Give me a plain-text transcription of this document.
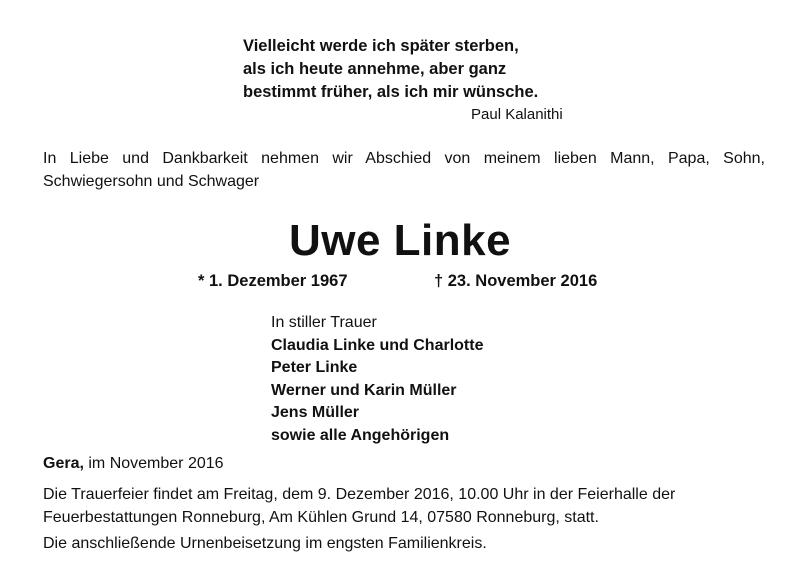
Vielleicht werde ich später sterben,
als ich heute annehme, aber ganz
bestimmt früher, als ich mir wünsche.
Paul Kalanithi
In Liebe und Dankbarkeit nehmen wir Abschied von meinem lieben Mann, Papa, Sohn,
Schwiegersohn und Schwager
Uwe Linke
* 1. Dezember 1967	† 23. November 2016
In stiller Trauer
Claudia Linke und Charlotte
Peter Linke
Werner und Karin Müller
Jens Müller
sowie alle Angehörigen
Gera, im November 2016
Die Trauerfeier findet am Freitag, dem 9. Dezember 2016, 10.00 Uhr in der Feierhalle der
Feuerbestattungen Ronneburg, Am Kühlen Grund 14, 07580 Ronneburg, statt.
Die anschließende Urnenbeisetzung im engsten Familienkreis.
